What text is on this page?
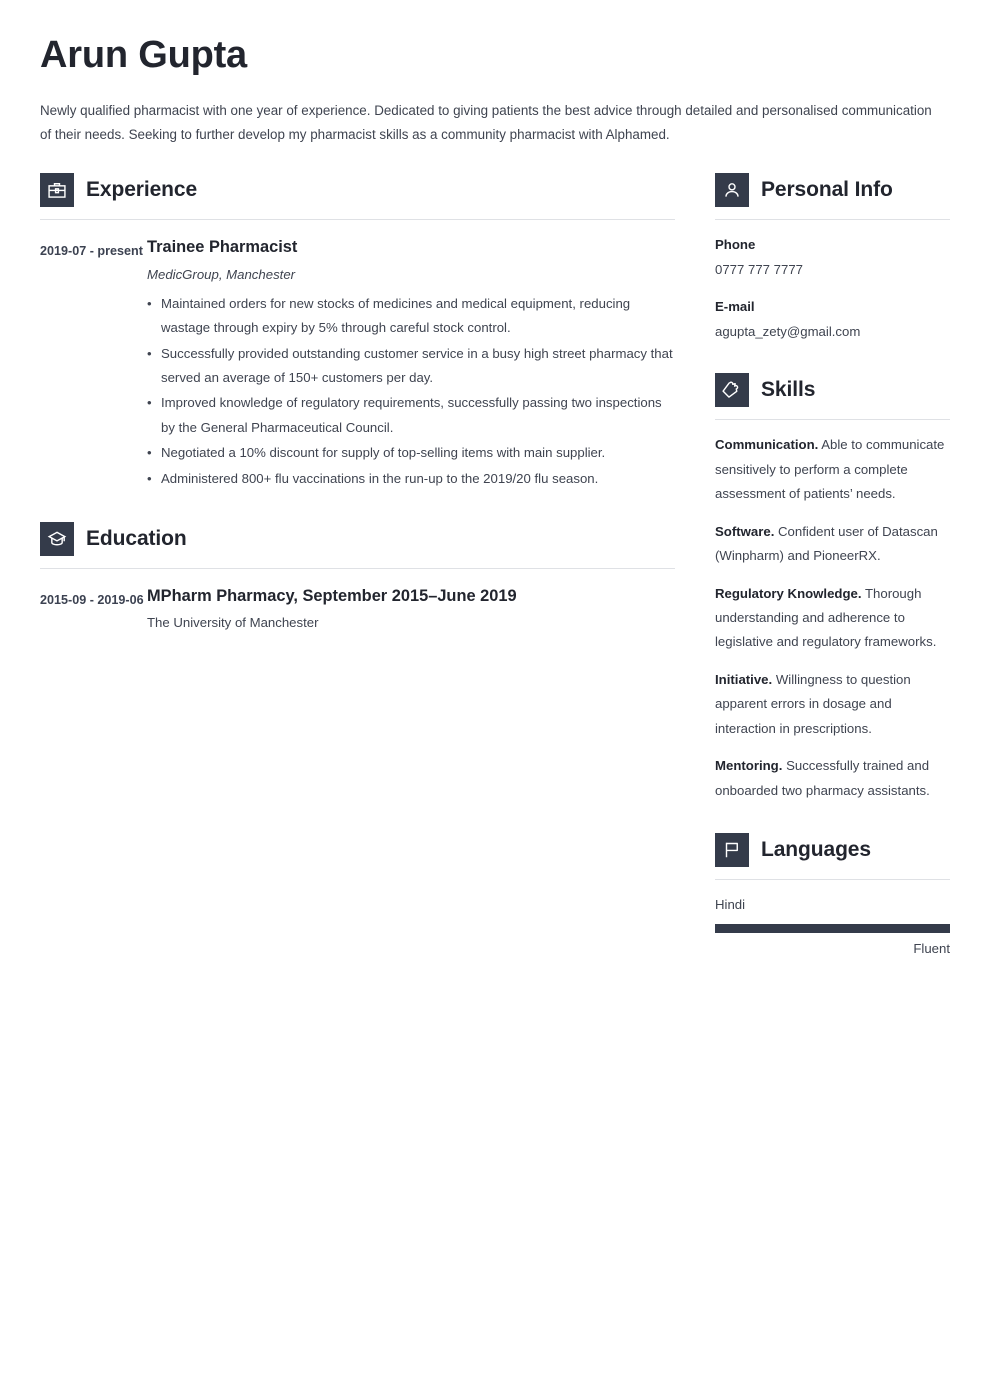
Arun Gupta

Newly qualified pharmacist with one year of experience. Dedicated to giving patients the best advice through detailed and personalised communication of their needs. Seeking to further develop my pharmacist skills as a community pharmacist with Alphamed.

Experience
2019-07 - present Trainee Pharmacist
MedicGroup, Manchester
• Maintained orders for new stocks of medicines and medical equipment, reducing wastage through expiry by 5% through careful stock control.
• Successfully provided outstanding customer service in a busy high street pharmacy that served an average of 150+ customers per day.
• Improved knowledge of regulatory requirements, successfully passing two inspections by the General Pharmaceutical Council.
• Negotiated a 10% discount for supply of top-selling items with main supplier.
• Administered 800+ flu vaccinations in the run-up to the 2019/20 flu season.
Education
2015-09 - 2019-06 MPharm Pharmacy, September 2015–June 2019
The University of Manchester
Personal Info
Phone
0777 777 7777
E-mail
agupta_zety@gmail.com
Skills

Communication. Able to communicate sensitively to perform a complete assessment of patients’ needs.

Software. Confident user of Datascan (Winpharm) and PioneerRX.

Regulatory Knowledge. Thorough understanding and adherence to legislative and regulatory frameworks.

Initiative. Willingness to question apparent errors in dosage and interaction in prescriptions.

Mentoring. Successfully trained and onboarded two pharmacy assistants.

Languages
Hindi
Fluent
